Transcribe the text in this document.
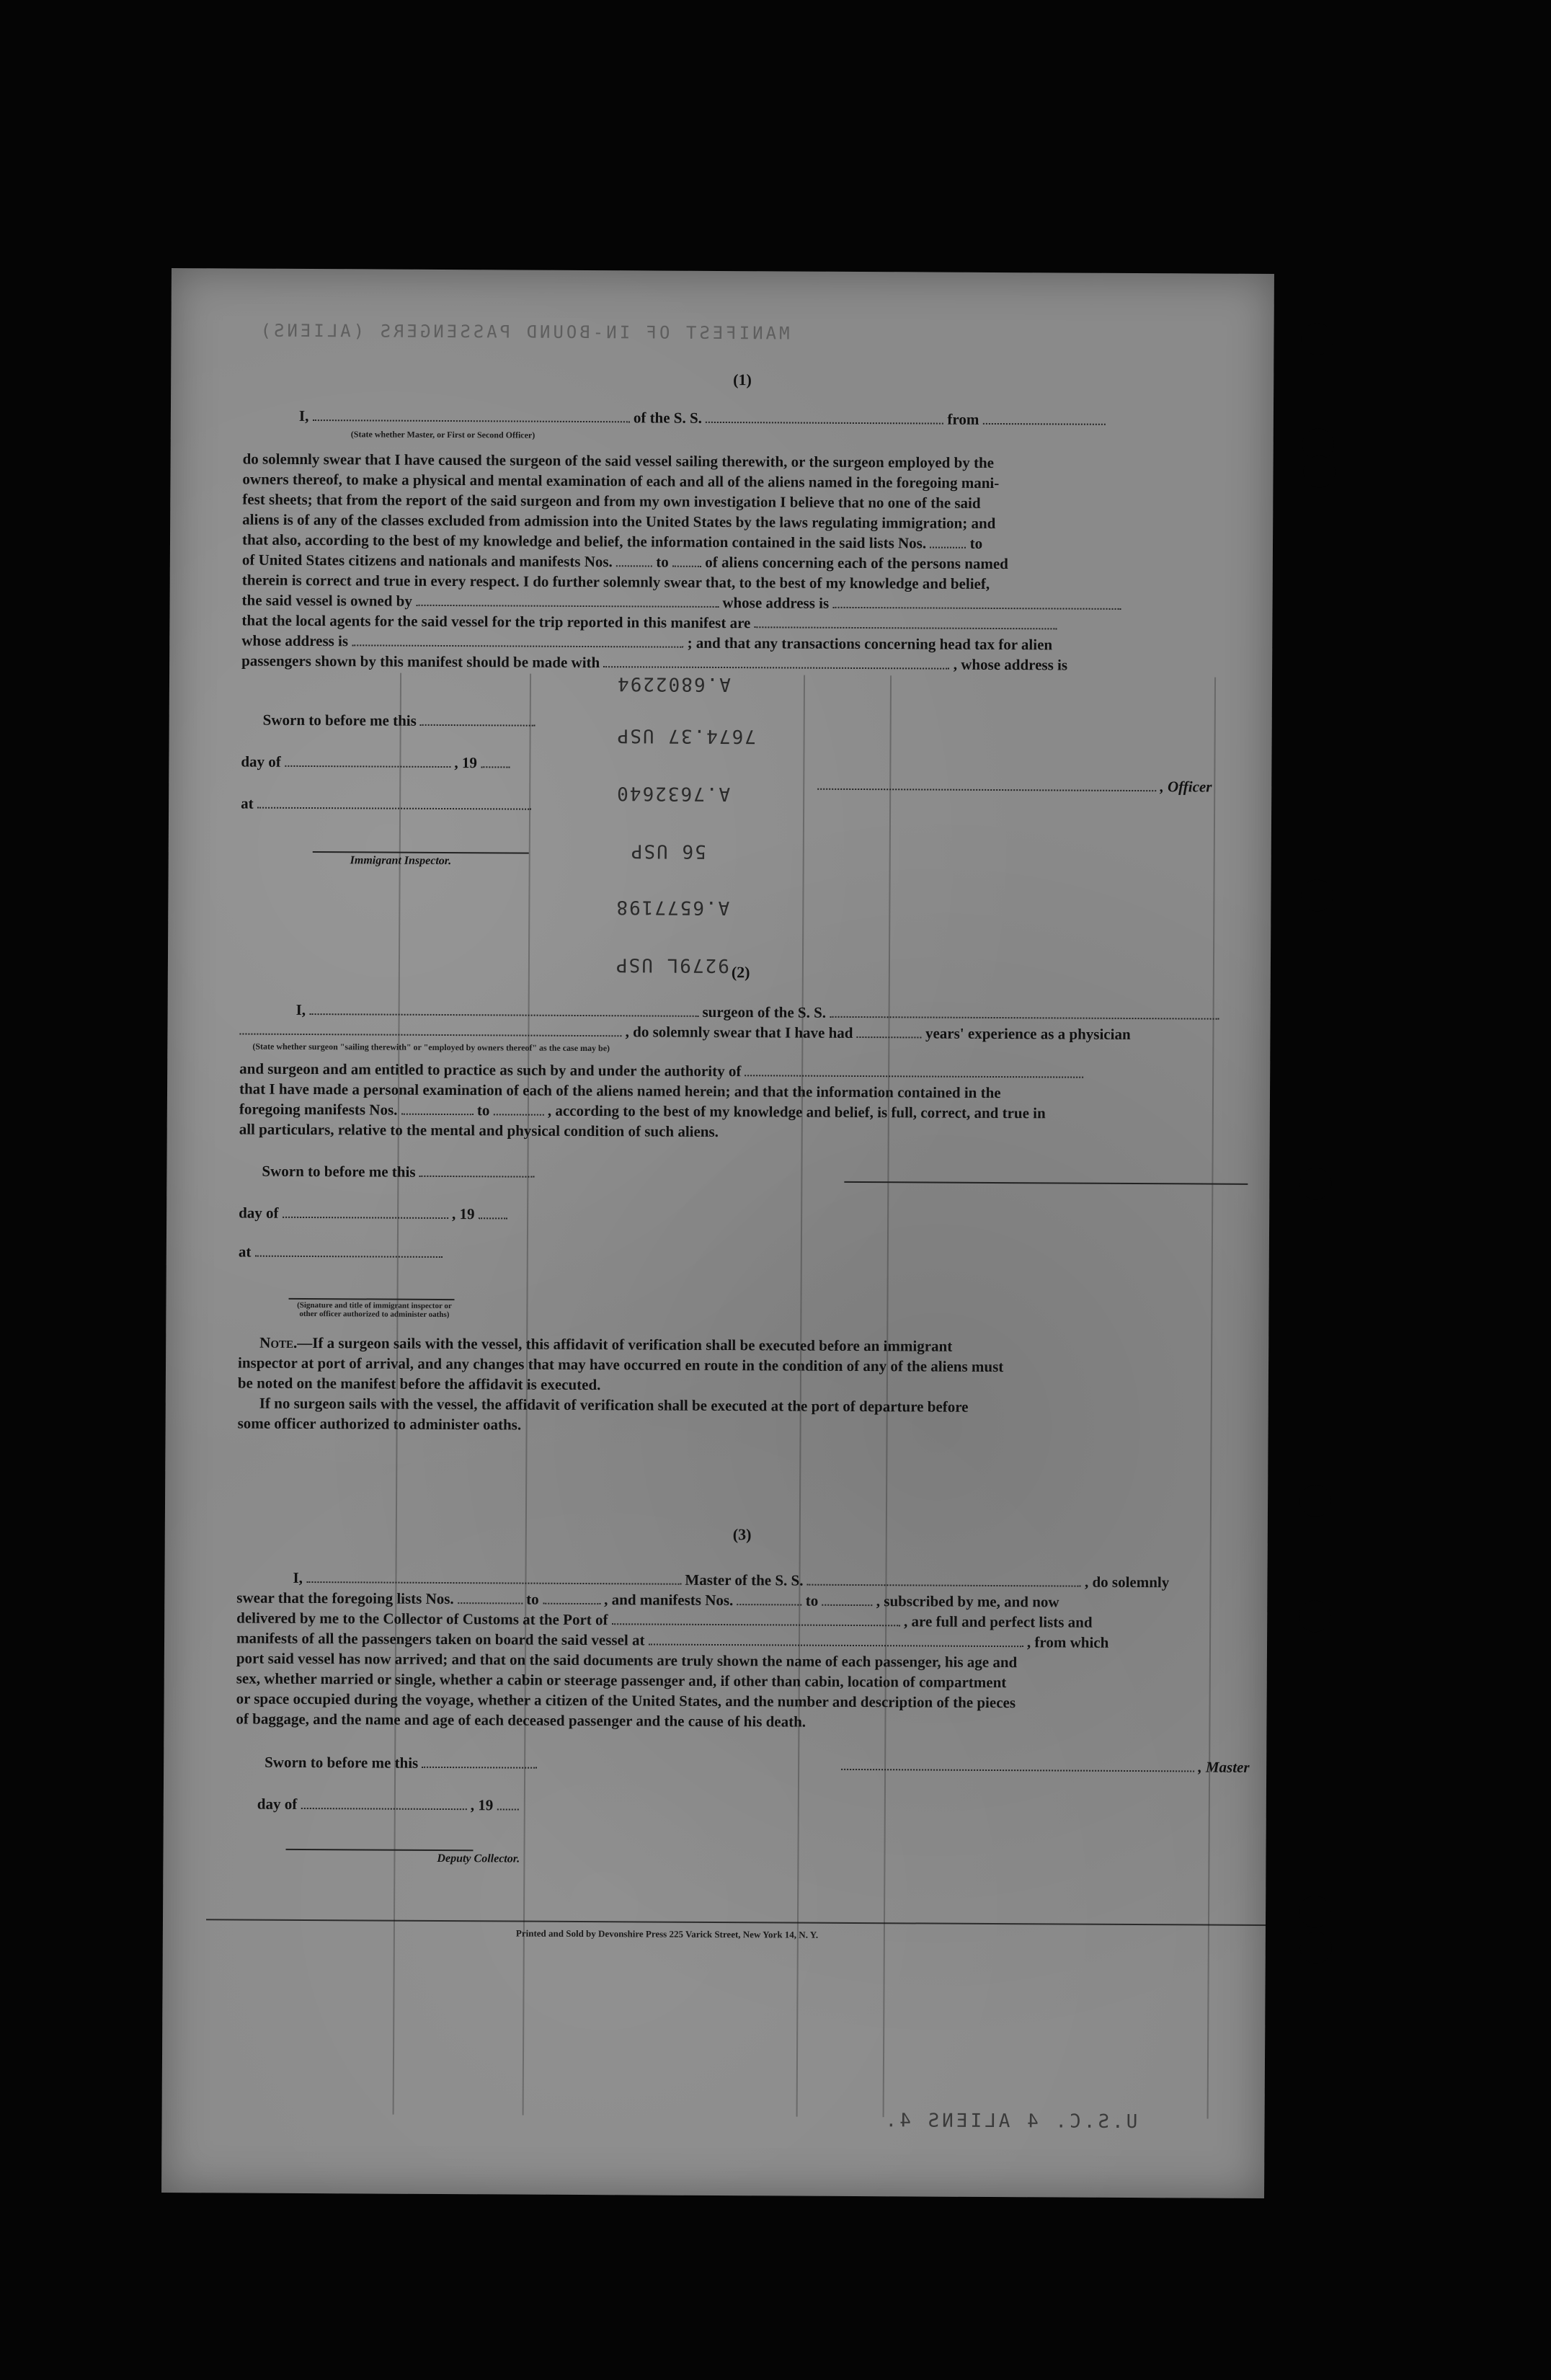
MANIFEST OF IN-BOUND PASSENGERS (ALIENS)
(1)
I,	of the S. S.	from
(State whether Master, or First or Second Officer)
do solemnly swear that I have caused the surgeon of the said vessel sailing therewith, or the surgeon employed by the
owners thereof, to make a physical and mental examination of each and all of the aliens named in the foregoing mani-
fest sheets; that from the report of the said surgeon and from my own investigation I believe that no one of the said
aliens is of any of the classes excluded from admission into the United States by the laws regulating immigration; and
that also, according to the best of my knowledge and belief, the information contained in the said lists Nos.	to
of United States citizens and nationals and manifests Nos.	to of aliens concerning each of the persons named
therein is correct and true in every respect. I do further solemnly swear that, to the best of my knowledge and belief,
the said vessel is owned by	whose address is
that the local agents for the said vessel for the trip reported in this manifest are
whose address is	; and that any transactions concerning head tax for alien
passengers shown by this manifest should be made with	, whose address is
A.6802294
7674.37 USP
A.7632640
56 USP
A.6577198
9279L USP
Sworn to before me this
day of	, 19
, Officer
at
Immigrant Inspector.
(2)
I,	surgeon of the S. S.
, do solemnly swear that I have had	years' experience as a physician
(State whether surgeon "sailing therewith" or "employed by owners thereof" as the case may be)
and surgeon and am entitled to practice as such by and under the authority of
that I have made a personal examination of each of the aliens named herein; and that the information contained in the
foregoing manifests Nos.	to	, according to the best of my knowledge and belief, is full, correct, and true in
all particulars, relative to the mental and physical condition of such aliens.
Sworn to before me this
day of	, 19
at
(Signature and title of immigrant inspector or other officer authorized to administer oaths)
Note.—If a surgeon sails with the vessel, this affidavit of verification shall be executed before an immigrant
inspector at port of arrival, and any changes that may have occurred en route in the condition of any of the aliens must
be noted on the manifest before the affidavit is executed.
If no surgeon sails with the vessel, the affidavit of verification shall be executed at the port of departure before
some officer authorized to administer oaths.
(3)
I,	Master of the S. S.	, do solemnly
swear that the foregoing lists Nos.	to	, and manifests Nos.	to	, subscribed by me, and now
delivered by me to the Collector of Customs at the Port of	, are full and perfect lists and
manifests of all the passengers taken on board the said vessel at	, from which
port said vessel has now arrived; and that on the said documents are truly shown the name of each passenger, his age and
sex, whether married or single, whether a cabin or steerage passenger and, if other than cabin, location of compartment
or space occupied during the voyage, whether a citizen of the United States, and the number and description of the pieces
of baggage, and the name and age of each deceased passenger and the cause of his death.
Sworn to before me this	, Master
day of	, 19
Deputy Collector.
Printed and Sold by Devonshire Press 225 Varick Street, New York 14, N. Y.
U.S.C. 4 ALIENS 4.
